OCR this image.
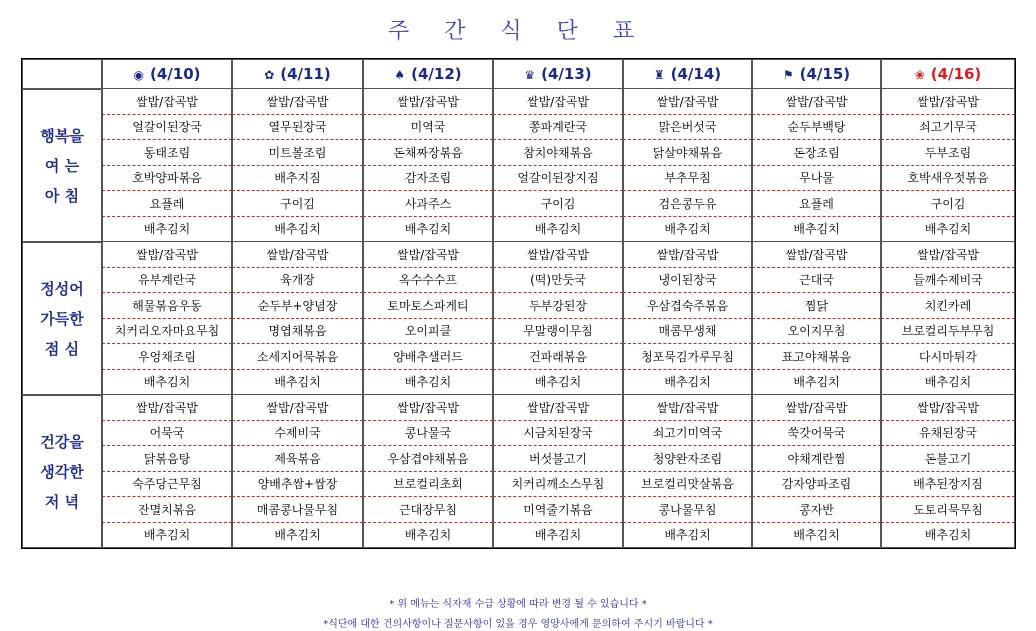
주 간 식 단 표
	◉ (4/10)	✿ (4/11)	♠ (4/12)	♛ (4/13)	♜ (4/14)	⚑ (4/15)	❀ (4/16)

행복을
여 는
아 침	쌀밥/잡곡밥	쌀밥/잡곡밥	쌀밥/잡곡밥	쌀밥/잡곡밥	쌀밥/잡곡밥	쌀밥/잡곡밥	쌀밥/잡곡밥
	얼갈이된장국	열무된장국	미역국	쫑파계란국	맑은버섯국	순두부백탕	쇠고기무국
	동태조림	미트볼조림	돈채짜장볶음	참치야채볶음	닭살야채볶음	돈장조림	두부조림
	호박양파볶음	배추지짐	감자조림	얼갈이된장지짐	부추무침	무나물	호박새우젓볶음
	요플레	구이김	사과주스	구이김	검은콩두유	요플레	구이김
	배추김치	배추김치	배추김치	배추김치	배추김치	배추김치	배추김치

정성어
가득한
점 심	쌀밥/잡곡밥	쌀밥/잡곡밥	쌀밥/잡곡밥	쌀밥/잡곡밥	쌀밥/잡곡밥	쌀밥/잡곡밥	쌀밥/잡곡밥
	유부계란국	육개장	옥수수수프	(떡)만둣국	냉이된장국	근대국	들깨수제비국
	해물볶음우동	순두부+양념장	토마토스파게티	두부강된장	우삼겹숙주볶음	찜닭	치킨카레
	치커리오자마요무침	명엽채볶음	오이피클	무말랭이무침	매콤무생채	오이지무침	브로컬리두부무침
	우엉채조림	소세지어묵볶음	양배추샐러드	건파래볶음	청포묵김가루무침	표고야채볶음	다시마튀각
	배추김치	배추김치	배추김치	배추김치	배추김치	배추김치	배추김치

건강을
생각한
저 녁	쌀밥/잡곡밥	쌀밥/잡곡밥	쌀밥/잡곡밥	쌀밥/잡곡밥	쌀밥/잡곡밥	쌀밥/잡곡밥	쌀밥/잡곡밥
	어묵국	수제비국	콩나물국	시금치된장국	쇠고기미역국	쑥갓어묵국	유채된장국
	닭볶음탕	제육볶음	우삼겹야채볶음	버섯불고기	청양완자조림	야채계란찜	돈불고기
	숙주당근무침	양배추쌈+쌈장	브로컬리초회	치커리깨소스무침	브로컬리맛살볶음	감자양파조림	배추된장지짐
	잔멸치볶음	매콤콩나물무침	근대장무침	미역줄기볶음	콩나물무침	콩자반	도토리묵무침
	배추김치	배추김치	배추김치	배추김치	배추김치	배추김치	배추김치
* 위 메뉴는 식자재 수급 상황에 따라 변경 될 수 있습니다 *
*식단에 대한 건의사항이나 질문사항이 있을 경우 영양사에게 문의하여 주시기 바랍니다 *
